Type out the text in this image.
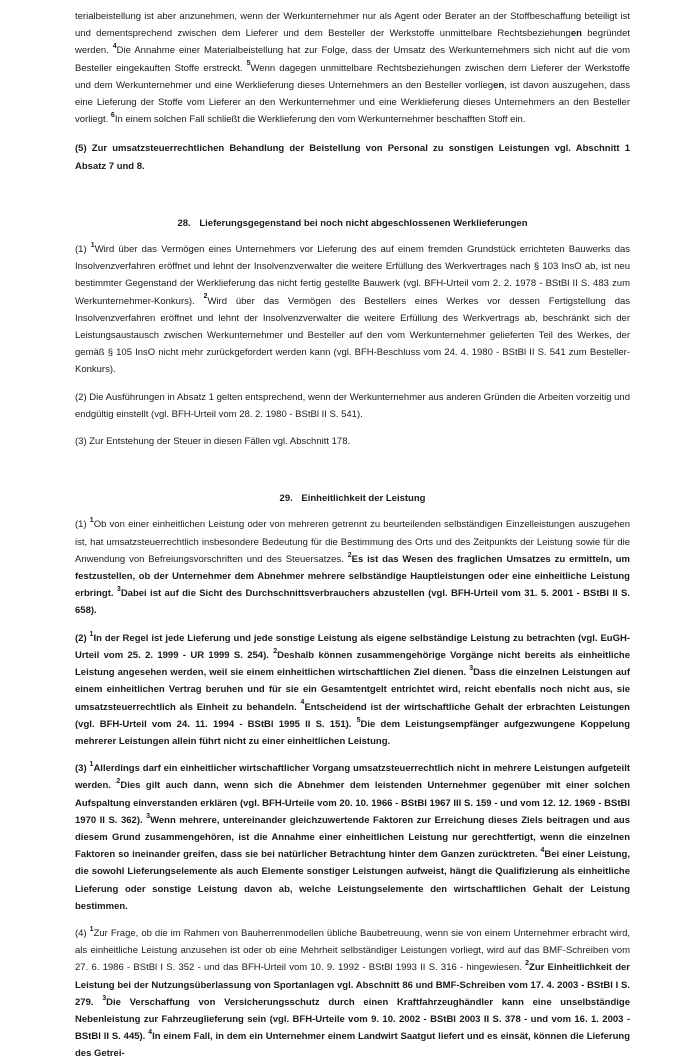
terialbeistellung ist aber anzunehmen, wenn der Werkunternehmer nur als Agent oder Berater an der Stoffbeschaffung beteiligt ist und dementsprechend zwischen dem Lieferer und dem Besteller der Werkstoffe unmittelbare Rechtsbeziehungen begründet werden. $^4$Die Annahme einer Materialbeistellung hat zur Folge, dass der Umsatz des Werkunternehmers sich nicht auf die vom Besteller eingekauften Stoffe erstreckt. $^5$Wenn dagegen unmittelbare Rechtsbeziehungen zwischen dem Lieferer der Werkstoffe und dem Werkunternehmer und eine Werklieferung dieses Unternehmers an den Besteller vorliegen, ist davon auszugehen, dass eine Lieferung der Stoffe vom Lieferer an den Werkunternehmer und eine Werklieferung dieses Unternehmers an den Besteller vorliegt. $^6$In einem solchen Fall schließt die Werklieferung den vom Werkunternehmer beschafften Stoff ein.

(5) Zur umsatzsteuerrechtlichen Behandlung der Beistellung von Personal zu sonstigen Leistungen vgl. Abschnitt 1 Absatz 7 und 8.

28. Lieferungsgegenstand bei noch nicht abgeschlossenen Werklieferungen

(1) $^1$Wird über das Vermögen eines Unternehmers vor Lieferung des auf einem fremden Grundstück errichteten Bauwerks das Insolvenzverfahren eröffnet und lehnt der Insolvenzverwalter die weitere Erfüllung des Werkvertrages nach § 103 InsO ab, ist neu bestimmter Gegenstand der Werklieferung das nicht fertig gestellte Bauwerk (vgl. BFH-Urteil vom 2. 2. 1978 - BStBl II S. 483 zum Werkunternehmer-Konkurs). $^2$Wird über das Vermögen des Bestellers eines Werkes vor dessen Fertigstellung das Insolvenzverfahren eröffnet und lehnt der Insolvenzverwalter die weitere Erfüllung des Werkvertrags ab, beschränkt sich der Leistungsaustausch zwischen Werkunternehmer und Besteller auf den vom Werkunternehmer gelieferten Teil des Werkes, der gemäß § 105 InsO nicht mehr zurückgefordert werden kann (vgl. BFH-Beschluss vom 24. 4. 1980 - BStBl II S. 541 zum Besteller-Konkurs).

(2) Die Ausführungen in Absatz 1 gelten entsprechend, wenn der Werkunternehmer aus anderen Gründen die Arbeiten vorzeitig und endgültig einstellt (vgl. BFH-Urteil vom 28. 2. 1980 - BStBl II S. 541).

(3) Zur Entstehung der Steuer in diesen Fällen vgl. Abschnitt 178.

29. Einheitlichkeit der Leistung

(1) $^1$Ob von einer einheitlichen Leistung oder von mehreren getrennt zu beurteilenden selbständigen Einzelleistungen auszugehen ist, hat umsatzsteuerrechtlich insbesondere Bedeutung für die Bestimmung des Orts und des Zeitpunkts der Leistung sowie für die Anwendung von Befreiungsvorschriften und des Steuersatzes. $^2$Es ist das Wesen des fraglichen Umsatzes zu ermitteln, um festzustellen, ob der Unternehmer dem Abnehmer mehrere selbständige Hauptleistungen oder eine einheitliche Leistung erbringt. $^3$Dabei ist auf die Sicht des Durchschnittsverbrauchers abzustellen (vgl. BFH-Urteil vom 31. 5. 2001 - BStBl II S. 658).

(2) $^1$In der Regel ist jede Lieferung und jede sonstige Leistung als eigene selbständige Leistung zu betrachten (vgl. EuGH-Urteil vom 25. 2. 1999 - UR 1999 S. 254). $^2$Deshalb können zusammengehörige Vorgänge nicht bereits als einheitliche Leistung angesehen werden, weil sie einem einheitlichen wirtschaftlichen Ziel dienen. $^3$Dass die einzelnen Leistungen auf einem einheitlichen Vertrag beruhen und für sie ein Gesamtentgelt entrichtet wird, reicht ebenfalls noch nicht aus, sie umsatzsteuerrechtlich als Einheit zu behandeln. $^4$Entscheidend ist der wirtschaftliche Gehalt der erbrachten Leistungen (vgl. BFH-Urteil vom 24. 11. 1994 - BStBl 1995 II S. 151). $^5$Die dem Leistungsempfänger aufgezwungene Koppelung mehrerer Leistungen allein führt nicht zu einer einheitlichen Leistung.

(3) $^1$Allerdings darf ein einheitlicher wirtschaftlicher Vorgang umsatzsteuerrechtlich nicht in mehrere Leistungen aufgeteilt werden. $^2$Dies gilt auch dann, wenn sich die Abnehmer dem leistenden Unternehmer gegenüber mit einer solchen Aufspaltung einverstanden erklären (vgl. BFH-Urteile vom 20. 10. 1966 - BStBl 1967 III S. 159 - und vom 12. 12. 1969 - BStBl 1970 II S. 362). $^3$Wenn mehrere, untereinander gleichzuwertende Faktoren zur Erreichung dieses Ziels beitragen und aus diesem Grund zusammengehören, ist die Annahme einer einheitlichen Leistung nur gerechtfertigt, wenn die einzelnen Faktoren so ineinander greifen, dass sie bei natürlicher Betrachtung hinter dem Ganzen zurücktreten. $^4$Bei einer Leistung, die sowohl Lieferungselemente als auch Elemente sonstiger Leistungen aufweist, hängt die Qualifizierung als einheitliche Lieferung oder sonstige Leistung davon ab, welche Leistungselemente den wirtschaftlichen Gehalt der Leistung bestimmen.

(4) $^1$Zur Frage, ob die im Rahmen von Bauherrenmodellen übliche Baubetreuung, wenn sie von einem Unternehmer erbracht wird, als einheitliche Leistung anzusehen ist oder ob eine Mehrheit selbständiger Leistungen vorliegt, wird auf das BMF-Schreiben vom 27. 6. 1986 - BStBl I S. 352 - und das BFH-Urteil vom 10. 9. 1992 - BStBl 1993 II S. 316 - hingewiesen. $^2$Zur Einheitlichkeit der Leistung bei der Nutzungsüberlassung von Sportanlagen vgl. Abschnitt 86 und BMF-Schreiben vom 17. 4. 2003 - BStBl I S. 279. $^3$Die Verschaffung von Versicherungsschutz durch einen Kraftfahrzeughändler kann eine unselbständige Nebenleistung zur Fahrzeuglieferung sein (vgl. BFH-Urteile vom 9. 10. 2002 - BStBl 2003 II S. 378 - und vom 16. 1. 2003 - BStBl II S. 445). $^4$In einem Fall, in dem ein Unternehmer einem Landwirt Saatgut liefert und es einsät, können die Lieferung des Getrei-
